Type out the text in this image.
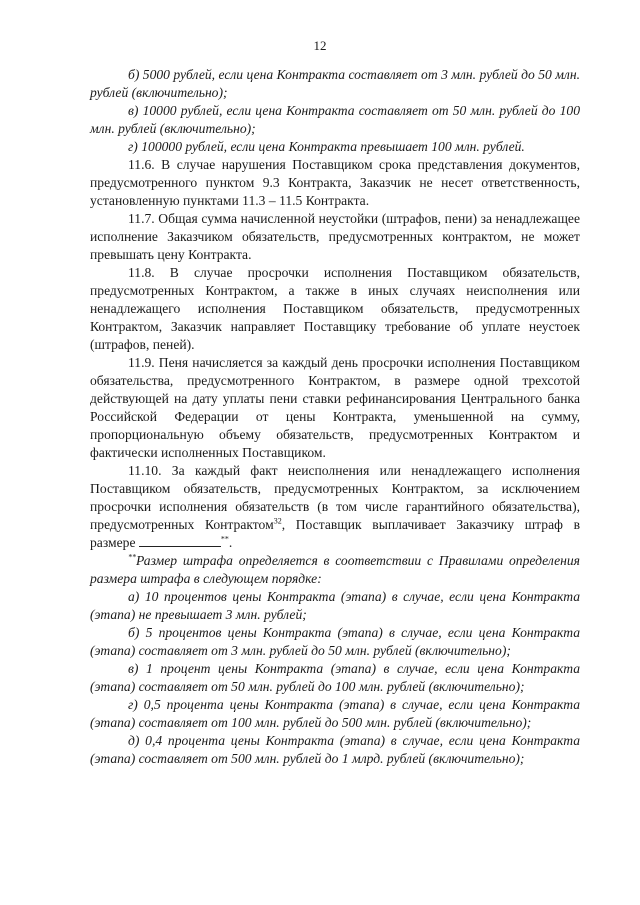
12

б) 5000 рублей, если цена Контракта составляет от 3 млн. рублей до 50 млн. рублей (включительно);

в) 10000 рублей, если цена Контракта составляет от 50 млн. рублей до 100 млн. рублей (включительно);

г) 100000 рублей, если цена Контракта превышает 100 млн. рублей.

11.6. В случае нарушения Поставщиком срока представления документов, предусмотренного пунктом 9.3 Контракта, Заказчик не несет ответственность, установленную пунктами 11.3 – 11.5 Контракта.

11.7. Общая сумма начисленной неустойки (штрафов, пени) за ненадлежащее исполнение Заказчиком обязательств, предусмотренных контрактом, не может превышать цену Контракта.

11.8. В случае просрочки исполнения Поставщиком обязательств, предусмотренных Контрактом, а также в иных случаях неисполнения или ненадлежащего исполнения Поставщиком обязательств, предусмотренных Контрактом, Заказчик направляет Поставщику требование об уплате неустоек (штрафов, пеней).

11.9. Пеня начисляется за каждый день просрочки исполнения Поставщиком обязательства, предусмотренного Контрактом, в размере одной трехсотой действующей на дату уплаты пени ставки рефинансирования Центрального банка Российской Федерации от цены Контракта, уменьшенной на сумму, пропорциональную объему обязательств, предусмотренных Контрактом и фактически исполненных Поставщиком.

11.10. За каждый факт неисполнения или ненадлежащего исполнения Поставщиком обязательств, предусмотренных Контрактом, за исключением просрочки исполнения обязательств (в том числе гарантийного обязательства), предусмотренных Контрактом$^{32}$, Поставщик выплачивает Заказчику штраф в размере	**.

**Размер штрафа определяется в соответствии с Правилами определения размера штрафа в следующем порядке:

а) 10 процентов цены Контракта (этапа) в случае, если цена Контракта (этапа) не превышает 3 млн. рублей;

б) 5 процентов цены Контракта (этапа) в случае, если цена Контракта (этапа) составляет от 3 млн. рублей до 50 млн. рублей (включительно);

в) 1 процент цены Контракта (этапа) в случае, если цена Контракта (этапа) составляет от 50 млн. рублей до 100 млн. рублей (включительно);

г) 0,5 процента цены Контракта (этапа) в случае, если цена Контракта (этапа) составляет от 100 млн. рублей до 500 млн. рублей (включительно);

д) 0,4 процента цены Контракта (этапа) в случае, если цена Контракта (этапа) составляет от 500 млн. рублей до 1 млрд. рублей (включительно);
